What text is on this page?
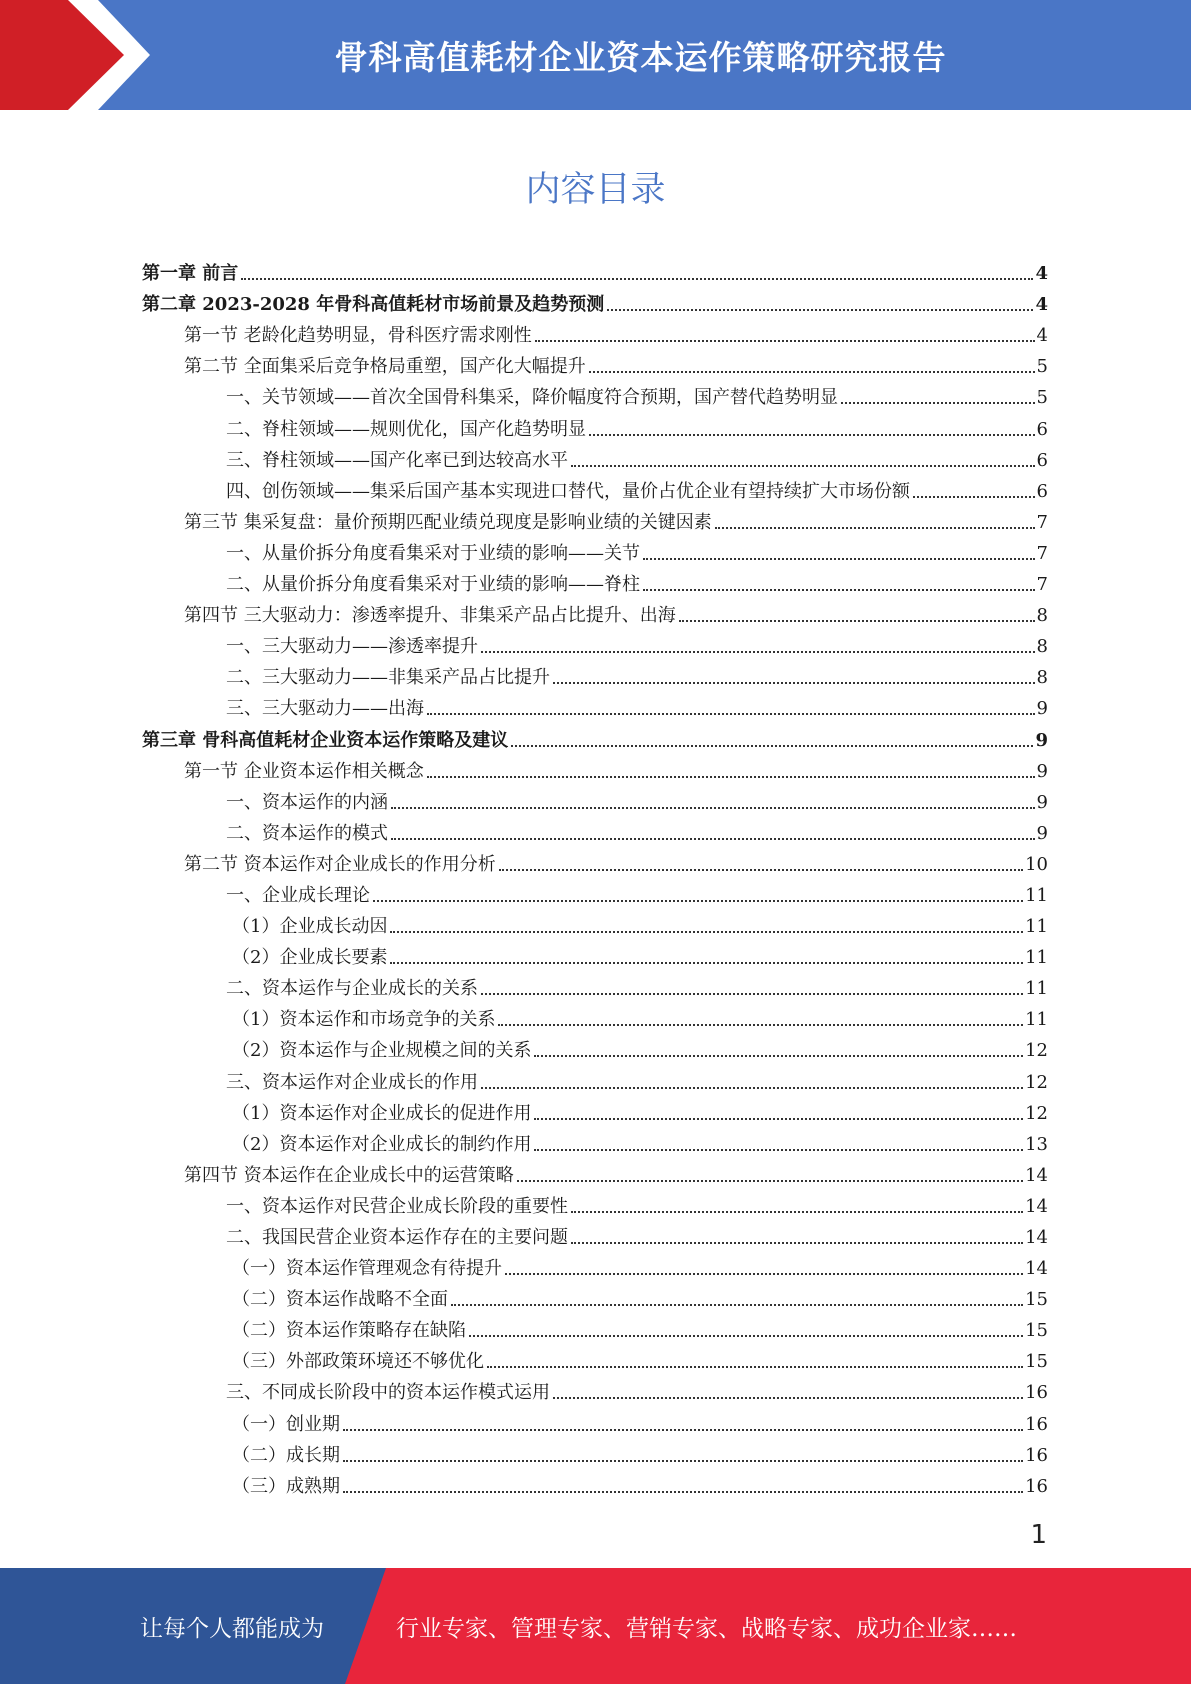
骨科高值耗材企业资本运作策略研究报告
内容目录
第一章 前言	4
第二章 2023-2028 年骨科高值耗材市场前景及趋势预测	4
第一节 老龄化趋势明显，骨科医疗需求刚性	4
第二节 全面集采后竞争格局重塑，国产化大幅提升	5
一、关节领域——首次全国骨科集采，降价幅度符合预期，国产替代趋势明显	5
二、脊柱领域——规则优化，国产化趋势明显	6
三、脊柱领域——国产化率已到达较高水平	6
四、创伤领域——集采后国产基本实现进口替代，量价占优企业有望持续扩大市场份额	6
第三节 集采复盘：量价预期匹配业绩兑现度是影响业绩的关键因素	7
一、从量价拆分角度看集采对于业绩的影响——关节	7
二、从量价拆分角度看集采对于业绩的影响——脊柱	7
第四节 三大驱动力：渗透率提升、非集采产品占比提升、出海	8
一、三大驱动力——渗透率提升	8
二、三大驱动力——非集采产品占比提升	8
三、三大驱动力——出海	9
第三章 骨科高值耗材企业资本运作策略及建议	9
第一节 企业资本运作相关概念	9
一、资本运作的内涵	9
二、资本运作的模式	9
第二节 资本运作对企业成长的作用分析	10
一、企业成长理论	11
（1）企业成长动因	11
（2）企业成长要素	11
二、资本运作与企业成长的关系	11
（1）资本运作和市场竞争的关系	11
（2）资本运作与企业规模之间的关系	12
三、资本运作对企业成长的作用	12
（1）资本运作对企业成长的促进作用	12
（2）资本运作对企业成长的制约作用	13
第四节 资本运作在企业成长中的运营策略	14
一、资本运作对民营企业成长阶段的重要性	14
二、我国民营企业资本运作存在的主要问题	14
（一）资本运作管理观念有待提升	14
（二）资本运作战略不全面	15
（二）资本运作策略存在缺陷	15
（三）外部政策环境还不够优化	15
三、不同成长阶段中的资本运作模式运用	16
（一）创业期	16
（二）成长期	16
（三）成熟期	16
1
让每个人都能成为	行业专家、管理专家、营销专家、战略专家、成功企业家……
